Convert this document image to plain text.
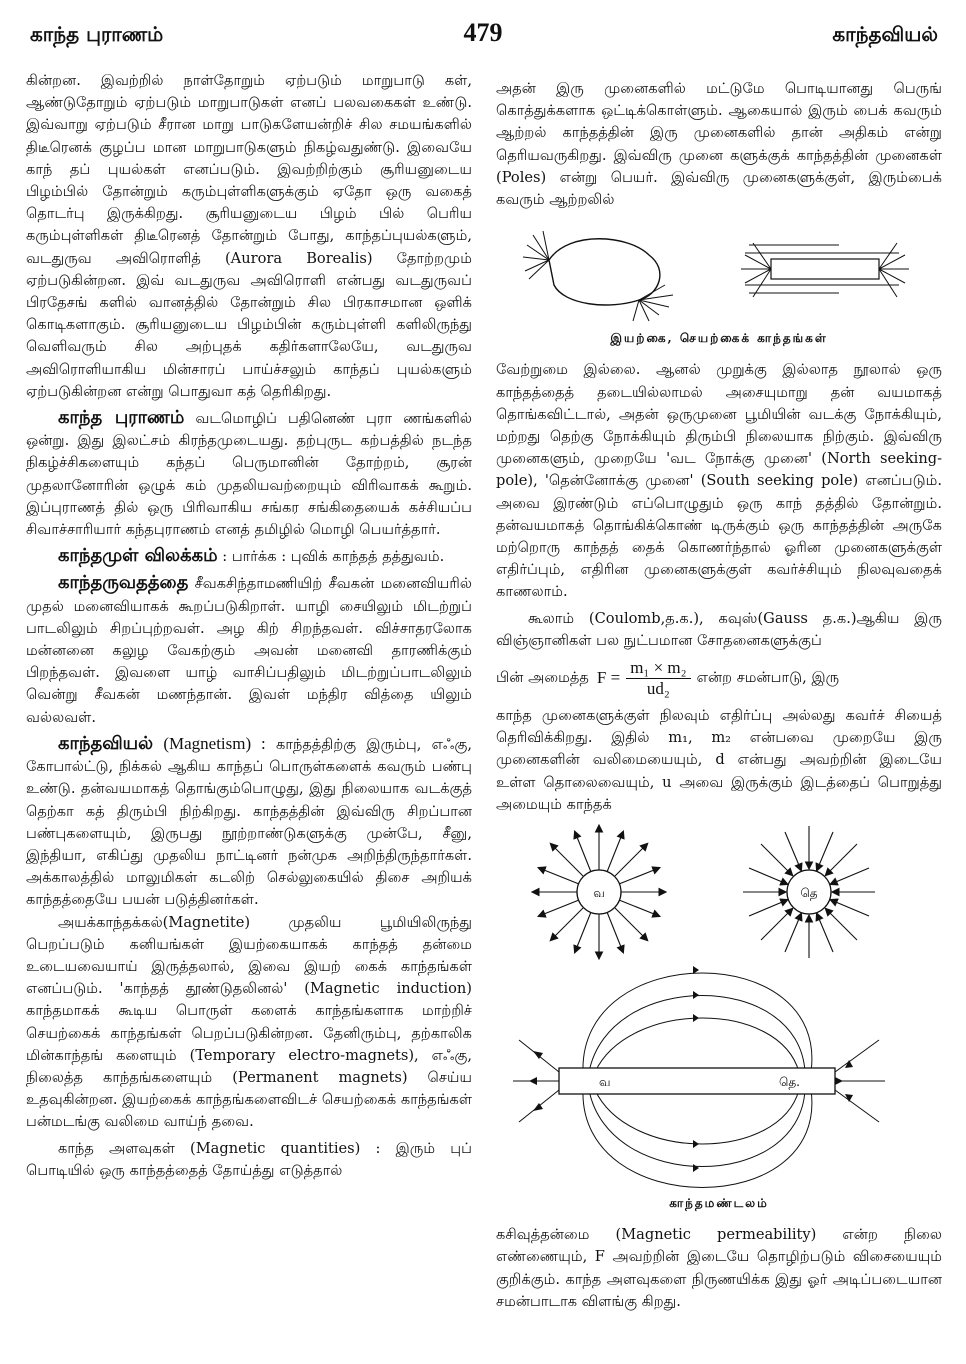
காந்த புராணம்	479	காந்தவியல்

கின்றன. இவற்றில் நாள்தோறும் ஏற்படும் மாறுபாடு கள், ஆண்டுதோறும் ஏற்படும் மாறுபாடுகள் எனப் பலவகைகள் உண்டு. இவ்வாறு ஏற்படும் சீரான மாறு பாடுகளேயன்றிச் சில சமயங்களில் திடீரெனக் குழப்ப மான மாறுபாடுகளும் நிகழ்வதுண்டு. இவையே காந் தப் புயல்கள் எனப்படும். இவற்றிற்கும் சூரியனுடைய பிழம்பில் தோன்றும் கரும்புள்ளிகளுக்கும் ஏதோ ஒரு வகைத் தொடர்பு இருக்கிறது. சூரியனுடைய பிழம் பில் பெரிய கரும்புள்ளிகள் திடீரெனத் தோன்றும் போது, காந்தப்புயல்களும், வடதுருவ அவிரொளித் (Aurora Borealis) தோற்றமும் ஏற்படுகின்றன. இவ் வடதுருவ அவிரொளி என்பது வடதுருவப் பிரதேசங் களில் வானத்தில் தோன்றும் சில பிரகாசமான ஒளிக் கொடிகளாகும். சூரியனுடைய பிழம்பின் கரும்புள்ளி களிலிருந்து வெளிவரும் சில அற்புதக் கதிர்களாலேயே, வடதுருவ அவிரொளியாகிய மின்சாரப் பாய்ச்சலும் காந்தப் புயல்களும் ஏற்படுகின்றன என்று பொதுவா கத் தெரிகிறது.

காந்த புராணம் வடமொழிப் பதினெண் புரா ணங்களில் ஒன்று. இது இலட்சம் கிரந்தமுடையது. தற்புருட கற்பத்தில் நடந்த நிகழ்ச்சிகளையும் கந்தப் பெருமானின் தோற்றம், சூரன் முதலானோரின் ஒழுக் கம் முதலியவற்றையும் விரிவாகக் கூறும். இப்புராணத் தில் ஒரு பிரிவாகிய சங்கர சங்கிதையைக் கச்சியப்ப சிவாச்சாரியார் கந்தபுராணம் எனத் தமிழில் மொழி பெயர்த்தார்.

காந்தமுள் விலக்கம் : பார்க்க : புவிக் காந்தத் தத்துவம்.

காந்தருவதத்தை சீவகசிந்தாமணியிற் சீவகன் மனைவியரில் முதல் மனைவியாகக் கூறப்படுகிறாள். யாழி சையிலும் மிடற்றுப் பாடலிலும் சிறப்புற்றவள். அழ கிற் சிறந்தவள். விச்சாதரலோக மன்னனை கலுழ வேகற்கும் அவன் மனைவி தாரணிக்கும் பிறந்தவள். இவளை யாழ் வாசிப்பதிலும் மிடற்றுப்பாடலிலும் வென்று சீவகன் மணந்தான். இவள் மந்திர வித்தை யிலும் வல்லவள்.

காந்தவியல் (Magnetism) : காந்தத்திற்கு இரும்பு, எஃகு, கோபால்ட்டு, நிக்கல் ஆகிய காந்தப் பொருள்களைக் கவரும் பண்பு உண்டு. தன்வயமாகத் தொங்கும்பொழுது, இது நிலையாக வடக்குத் தெற்கா கத் திரும்பி நிற்கிறது. காந்தத்தின் இவ்விரு சிறப்பான பண்புகளையும், இருபது நூற்றாண்டுகளுக்கு முன்பே, சீனு, இந்தியா, எகிப்து முதலிய நாட்டினர் நன்முக அறிந்திருந்தார்கள். அக்காலத்தில் மாலுமிகள் கடலிற் செல்லுகையில் திசை அறியக் காந்தத்தையே பயன் படுத்தினர்கள்.

அயக்காந்தக்கல்(Magnetite) முதலிய பூமியிலிருந்து பெறப்படும் கனியங்கள் இயற்கையாகக் காந்தத் தன்மை உடையவையாய் இருத்தலால், இவை இயற் கைக் காந்தங்கள் எனப்படும். 'காந்தத் தூண்டுதலினல்' (Magnetic induction) காந்தமாகக் கூடிய பொருள் களைக் காந்தங்களாக மாற்றிச் செயற்கைக் காந்தங்கள் பெறப்படுகின்றன. தேனிரும்பு, தற்காலிக மின்காந்தங் களையும் (Temporary electro-magnets), எஃகு, நிலைத்த காந்தங்களையும் (Permanent magnets) செய்ய உதவுகின்றன. இயற்கைக் காந்தங்களைவிடச் செயற்கைக் காந்தங்கள் பன்மடங்கு வலிமை வாய்ந் தவை.

காந்த அளவுகள் (Magnetic quantities) : இரும் புப் பொடியில் ஒரு காந்தத்தைத் தோய்த்து எடுத்தால்

அதன் இரு முனைகளில் மட்டுமே பொடியானது பெருங் கொத்துக்களாக ஒட்டிக்கொள்ளும். ஆகையால் இரும் பைக் கவரும் ஆற்றல் காந்தத்தின் இரு முனைகளில் தான் அதிகம் என்று தெரியவருகிறது. இவ்விரு முனை களுக்குக் காந்தத்தின் முனைகள் (Poles) என்று பெயர். இவ்விரு முனைகளுக்குள், இரும்பைக் கவரும் ஆற்றலில்

இயற்கை, செயற்கைக் காந்தங்கள்

வேற்றுமை இல்லை. ஆனல் முறுக்கு இல்லாத நூலால் ஒரு காந்தத்தைத் தடையில்லாமல் அசையுமாறு தன் வயமாகத் தொங்கவிட்டால், அதன் ஒருமுனை பூமியின் வடக்கு நோக்கியும், மற்றது தெற்கு நோக்கியும் திரும்பி நிலையாக நிற்கும். இவ்விரு முனைகளும், முறையே 'வட நோக்கு முனை' (North seeking-pole), 'தென்னோக்கு முனை' (South seeking pole) எனப்படும். அவை இரண்டும் எப்பொழுதும் ஒரு காந் தத்தில் தோன்றும். தன்வயமாகத் தொங்கிக்கொண் டிருக்கும் ஒரு காந்தத்தின் அருகே மற்றொரு காந்தத் தைக் கொணர்ந்தால் ஓரின முனைகளுக்குள் எதிர்ப்பும், எதிரின முனைகளுக்குள் கவர்ச்சியும் நிலவுவதைக் காணலாம்.

கூலாம் (Coulomb,த.க.), கவுஸ்(Gauss த.க.)ஆகிய இரு விஞ்ஞானிகள் பல நுட்பமான சோதனைகளுக்குப்

பின் அமைத்த $F = \frac{\text{m₁ × m₂}}{\text{ud₂}}$ என்ற சமன்பாடு, இரு

காந்த முனைகளுக்குள் நிலவும் எதிர்ப்பு அல்லது கவர்ச் சியைத் தெரிவிக்கிறது. இதில் m₁, m₂ என்பவை முறையே இரு முனைகளின் வலிமையையும், d என்பது அவற்றின் இடையே உள்ள தொலைவையும், u அவை இருக்கும் இடத்தைப் பொறுத்து அமையும் காந்தக்

வ	தெ
வ	தெ.
காந்தமண்டலம்

கசிவுத்தன்மை (Magnetic permeability) என்ற நிலை எண்ணையும், F அவற்றின் இடையே தொழிற்படும் விசையையும் குறிக்கும். காந்த அளவுகளை நிருணயிக்க இது ஓர் அடிப்படையான சமன்பாடாக விளங்கு கிறது.
